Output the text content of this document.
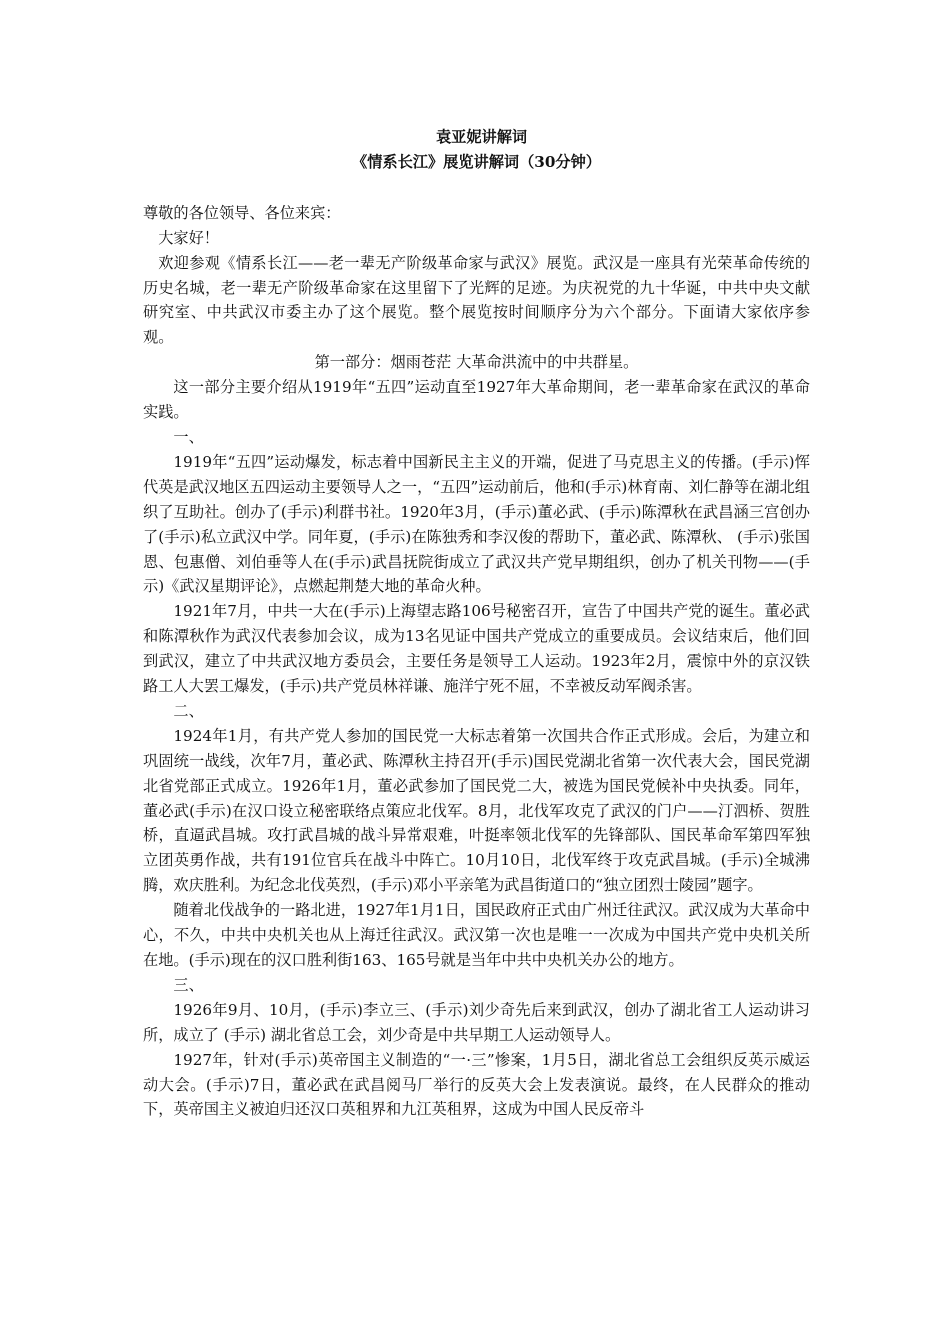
袁亚妮讲解词

《情系长江》展览讲解词（30分钟）

尊敬的各位领导、各位来宾：

大家好！

欢迎参观《情系长江——老一辈无产阶级革命家与武汉》展览。武汉是一座具有光荣革命传统的历史名城，老一辈无产阶级革命家在这里留下了光辉的足迹。为庆祝党的九十华诞，中共中央文献研究室、中共武汉市委主办了这个展览。整个展览按时间顺序分为六个部分。下面请大家依序参观。

第一部分：烟雨苍茫 大革命洪流中的中共群星。

这一部分主要介绍从1919年“五四”运动直至1927年大革命期间，老一辈革命家在武汉的革命实践。

一、

1919年“五四”运动爆发，标志着中国新民主主义的开端，促进了马克思主义的传播。(手示)恽代英是武汉地区五四运动主要领导人之一，“五四”运动前后，他和(手示)林育南、刘仁静等在湖北组织了互助社。创办了(手示)利群书社。1920年3月，(手示)董必武、(手示)陈潭秋在武昌涵三宫创办了(手示)私立武汉中学。同年夏，(手示)在陈独秀和李汉俊的帮助下，董必武、陈潭秋、 (手示)张国恩、包惠僧、刘伯垂等人在(手示)武昌抚院街成立了武汉共产党早期组织，创办了机关刊物——(手示)《武汉星期评论》，点燃起荆楚大地的革命火种。

1921年7月，中共一大在(手示)上海望志路106号秘密召开，宣告了中国共产党的诞生。董必武和陈潭秋作为武汉代表参加会议，成为13名见证中国共产党成立的重要成员。会议结束后，他们回到武汉，建立了中共武汉地方委员会，主要任务是领导工人运动。1923年2月，震惊中外的京汉铁路工人大罢工爆发，(手示)共产党员林祥谦、施洋宁死不屈，不幸被反动军阀杀害。

二、

1924年1月，有共产党人参加的国民党一大标志着第一次国共合作正式形成。会后，为建立和巩固统一战线，次年7月，董必武、陈潭秋主持召开(手示)国民党湖北省第一次代表大会，国民党湖北省党部正式成立。1926年1月，董必武参加了国民党二大，被选为国民党候补中央执委。同年，董必武(手示)在汉口设立秘密联络点策应北伐军。8月，北伐军攻克了武汉的门户——汀泗桥、贺胜桥，直逼武昌城。攻打武昌城的战斗异常艰难，叶挺率领北伐军的先锋部队、国民革命军第四军独立团英勇作战，共有191位官兵在战斗中阵亡。10月10日，北伐军终于攻克武昌城。(手示)全城沸腾，欢庆胜利。为纪念北伐英烈，(手示)邓小平亲笔为武昌街道口的“独立团烈士陵园”题字。

随着北伐战争的一路北进，1927年1月1日，国民政府正式由广州迁往武汉。武汉成为大革命中心，不久，中共中央机关也从上海迁往武汉。武汉第一次也是唯一一次成为中国共产党中央机关所在地。(手示)现在的汉口胜利街163、165号就是当年中共中央机关办公的地方。

三、

1926年9月、10月，(手示)李立三、(手示)刘少奇先后来到武汉，创办了湖北省工人运动讲习所，成立了 (手示) 湖北省总工会，刘少奇是中共早期工人运动领导人。

1927年，针对(手示)英帝国主义制造的“一·三”惨案，1月5日，湖北省总工会组织反英示威运动大会。(手示)7日，董必武在武昌阅马厂举行的反英大会上发表演说。最终，在人民群众的推动下，英帝国主义被迫归还汉口英租界和九江英租界，这成为中国人民反帝斗
